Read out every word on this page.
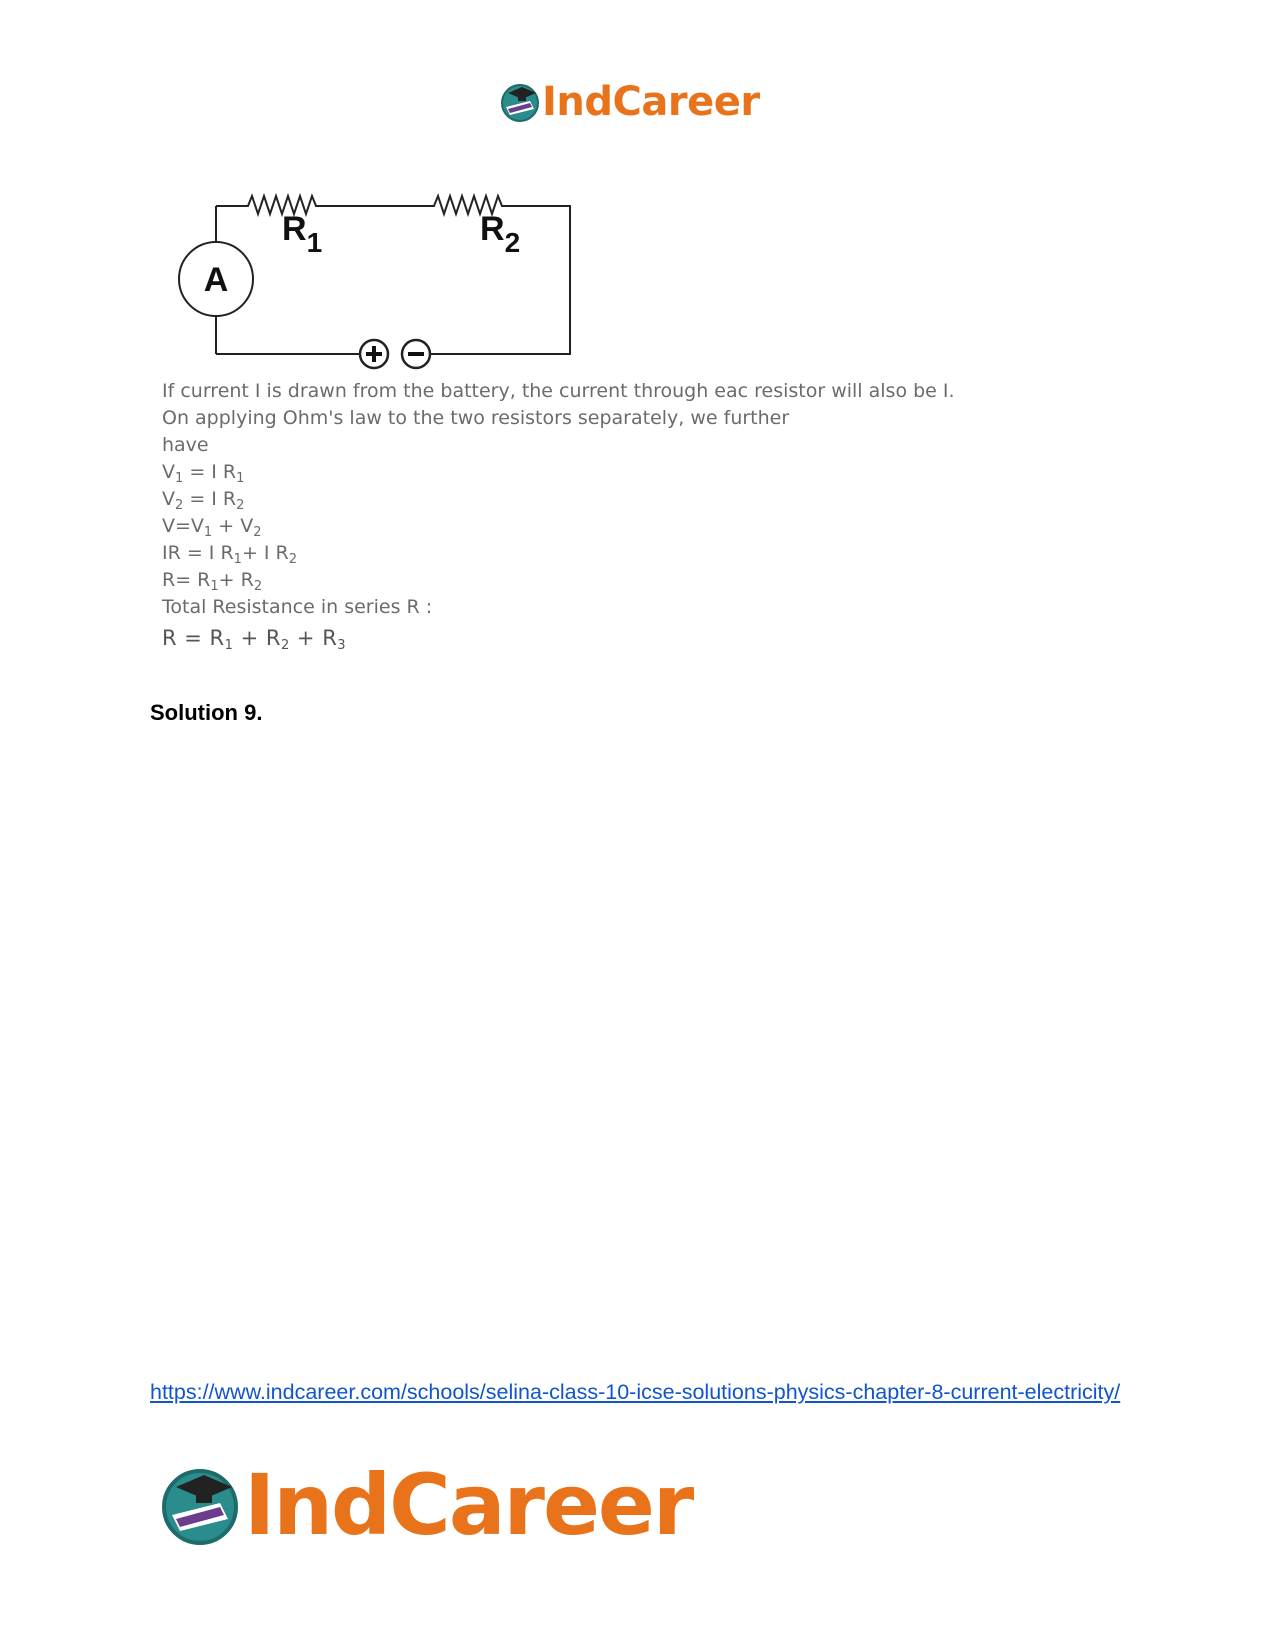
IndCareer
A
$R_1$	$R_2$
If current I is drawn from the battery, the current through eac resistor will also be I.
On applying Ohm's law to the two resistors separately, we further
have
$V_1 = I$ $R_1$
$V_2 = I$ $R_2$
$V=V_1 + V_2$
IR = I $R_1+ I$ $R_2$
$R= R_1+ R_2$
Total Resistance in series R :
$R = R_1 + R_2 + R_3$
Solution 9.
https://www.indcareer.com/schools/selina-class-10-icse-solutions-physics-chapter-8-current-electricity/
IndCareer
